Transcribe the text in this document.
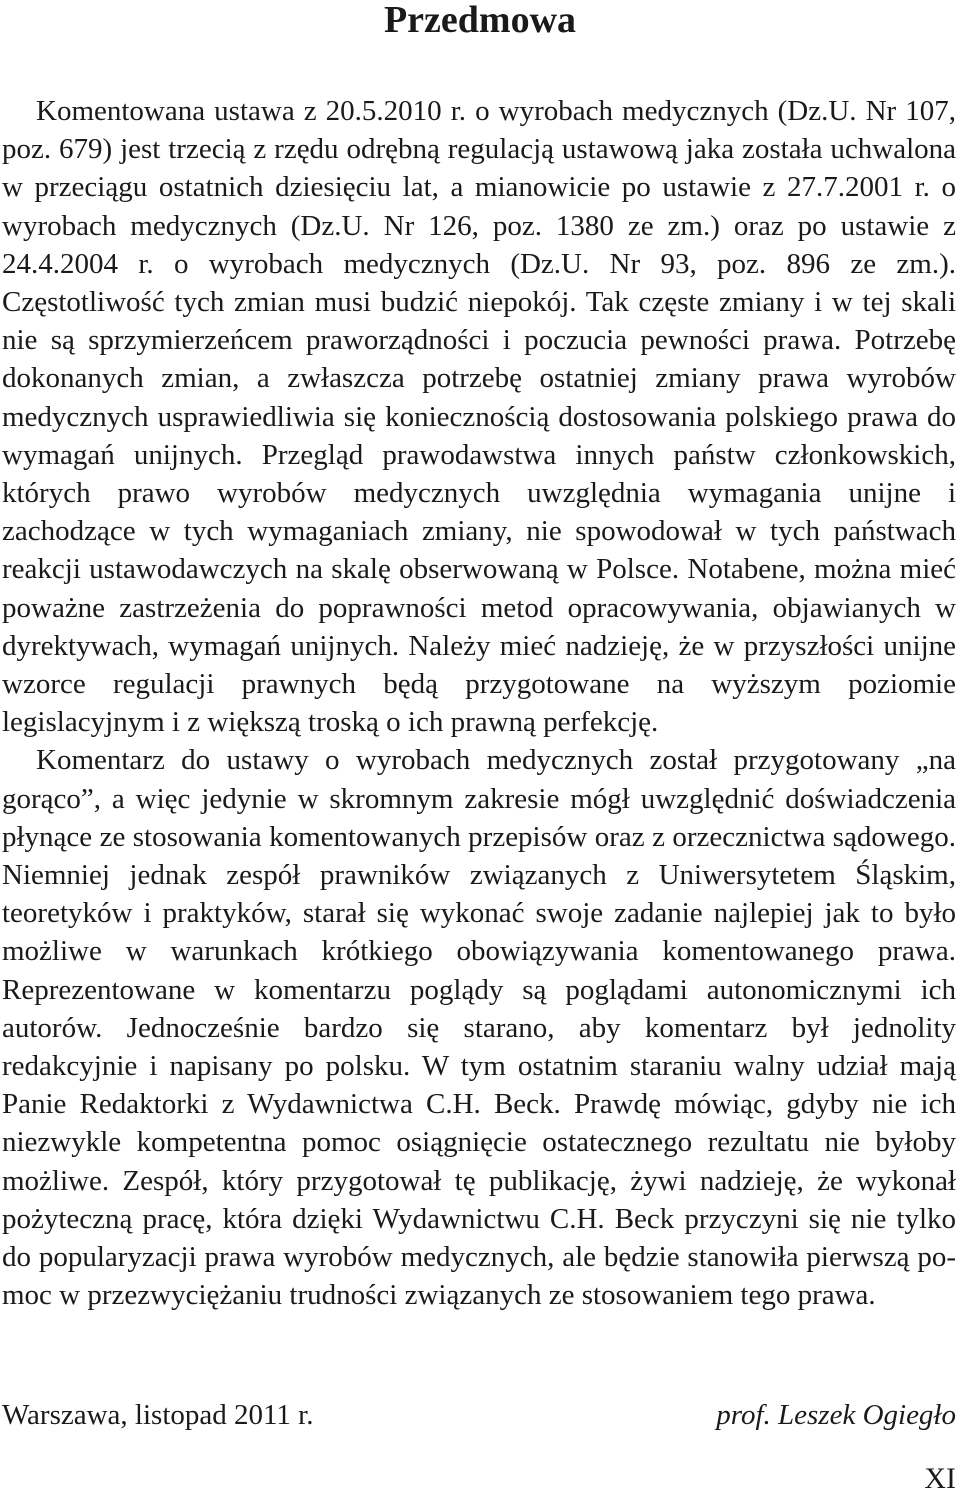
Przedmowa

Komentowana ustawa z 20.5.2010 r. o wyrobach medycznych (Dz.U. Nr 107, poz. 679) jest trzecią z rzędu odrębną regulacją ustawową jaka została uchwalona w przeciągu ostatnich dziesięciu lat, a mianowicie po ustawie z 27.7.2001 r. o wyrobach medycznych (Dz.U. Nr 126, poz. 1380 ze zm.) oraz po ustawie z 24.4.2004 r. o wyrobach medycznych (Dz.U. Nr 93, poz. 896 ze zm.). Częstotliwość tych zmian musi budzić niepokój. Tak częste zmiany i w tej skali nie są sprzymierzeńcem praworządności i poczucia pewności prawa. Potrzebę dokonanych zmian, a zwłaszcza potrzebę ostatniej zmiany prawa wyrobów medycznych usprawiedliwia się koniecznością dostosowania polskiego prawa do wymagań unijnych. Przegląd prawodawstwa innych państw członkowskich, których prawo wyrobów medycznych uwzględnia wymagania unijne i zachodzące w tych wymaganiach zmiany, nie spowodował w tych państwach reakcji ustawodawczych na skalę obserwowaną w Polsce. Notabene, można mieć poważne zastrzeżenia do poprawności metod opracowywania, objawianych w dyrektywach, wymagań unijnych. Należy mieć nadzieję, że w przyszłości unijne wzorce regulacji prawnych będą przygotowane na wyższym poziomie legislacyjnym i z większą troską o ich prawną perfekcję.

Komentarz do ustawy o wyrobach medycznych został przygotowany „na gorąco”, a więc jedynie w skromnym zakresie mógł uwzględnić doświadczenia płynące ze stosowania komentowanych przepisów oraz z orzecznictwa sądowego. Niemniej jednak zespół prawników związanych z Uniwersytetem Śląskim, teoretyków i praktyków, starał się wykonać swoje zadanie najlepiej jak to było możliwe w warunkach krótkiego obowiązywania komentowanego prawa. Reprezentowane w komentarzu poglądy są poglądami autonomicznymi ich autorów. Jednocześnie bardzo się starano, aby komentarz był jednolity redakcyjnie i napisany po polsku. W tym ostatnim staraniu walny udział mają Panie Redaktorki z Wydawnictwa C.H. Beck. Prawdę mówiąc, gdyby nie ich niezwykle kompetentna pomoc osiągnięcie ostatecznego rezultatu nie byłoby możliwe. Zespół, który przygotował tę publikację, żywi nadzieję, że wykonał pożyteczną pracę, która dzięki Wydawnictwu C.H. Beck przyczyni się nie tylko do popularyzacji prawa wyrobów medycznych, ale będzie stanowiła pierwszą pomoc w przezwyciężaniu trudności związanych ze stosowaniem tego prawa.

Warszawa, listopad 2011 r.	prof. Leszek Ogiegło
XI
